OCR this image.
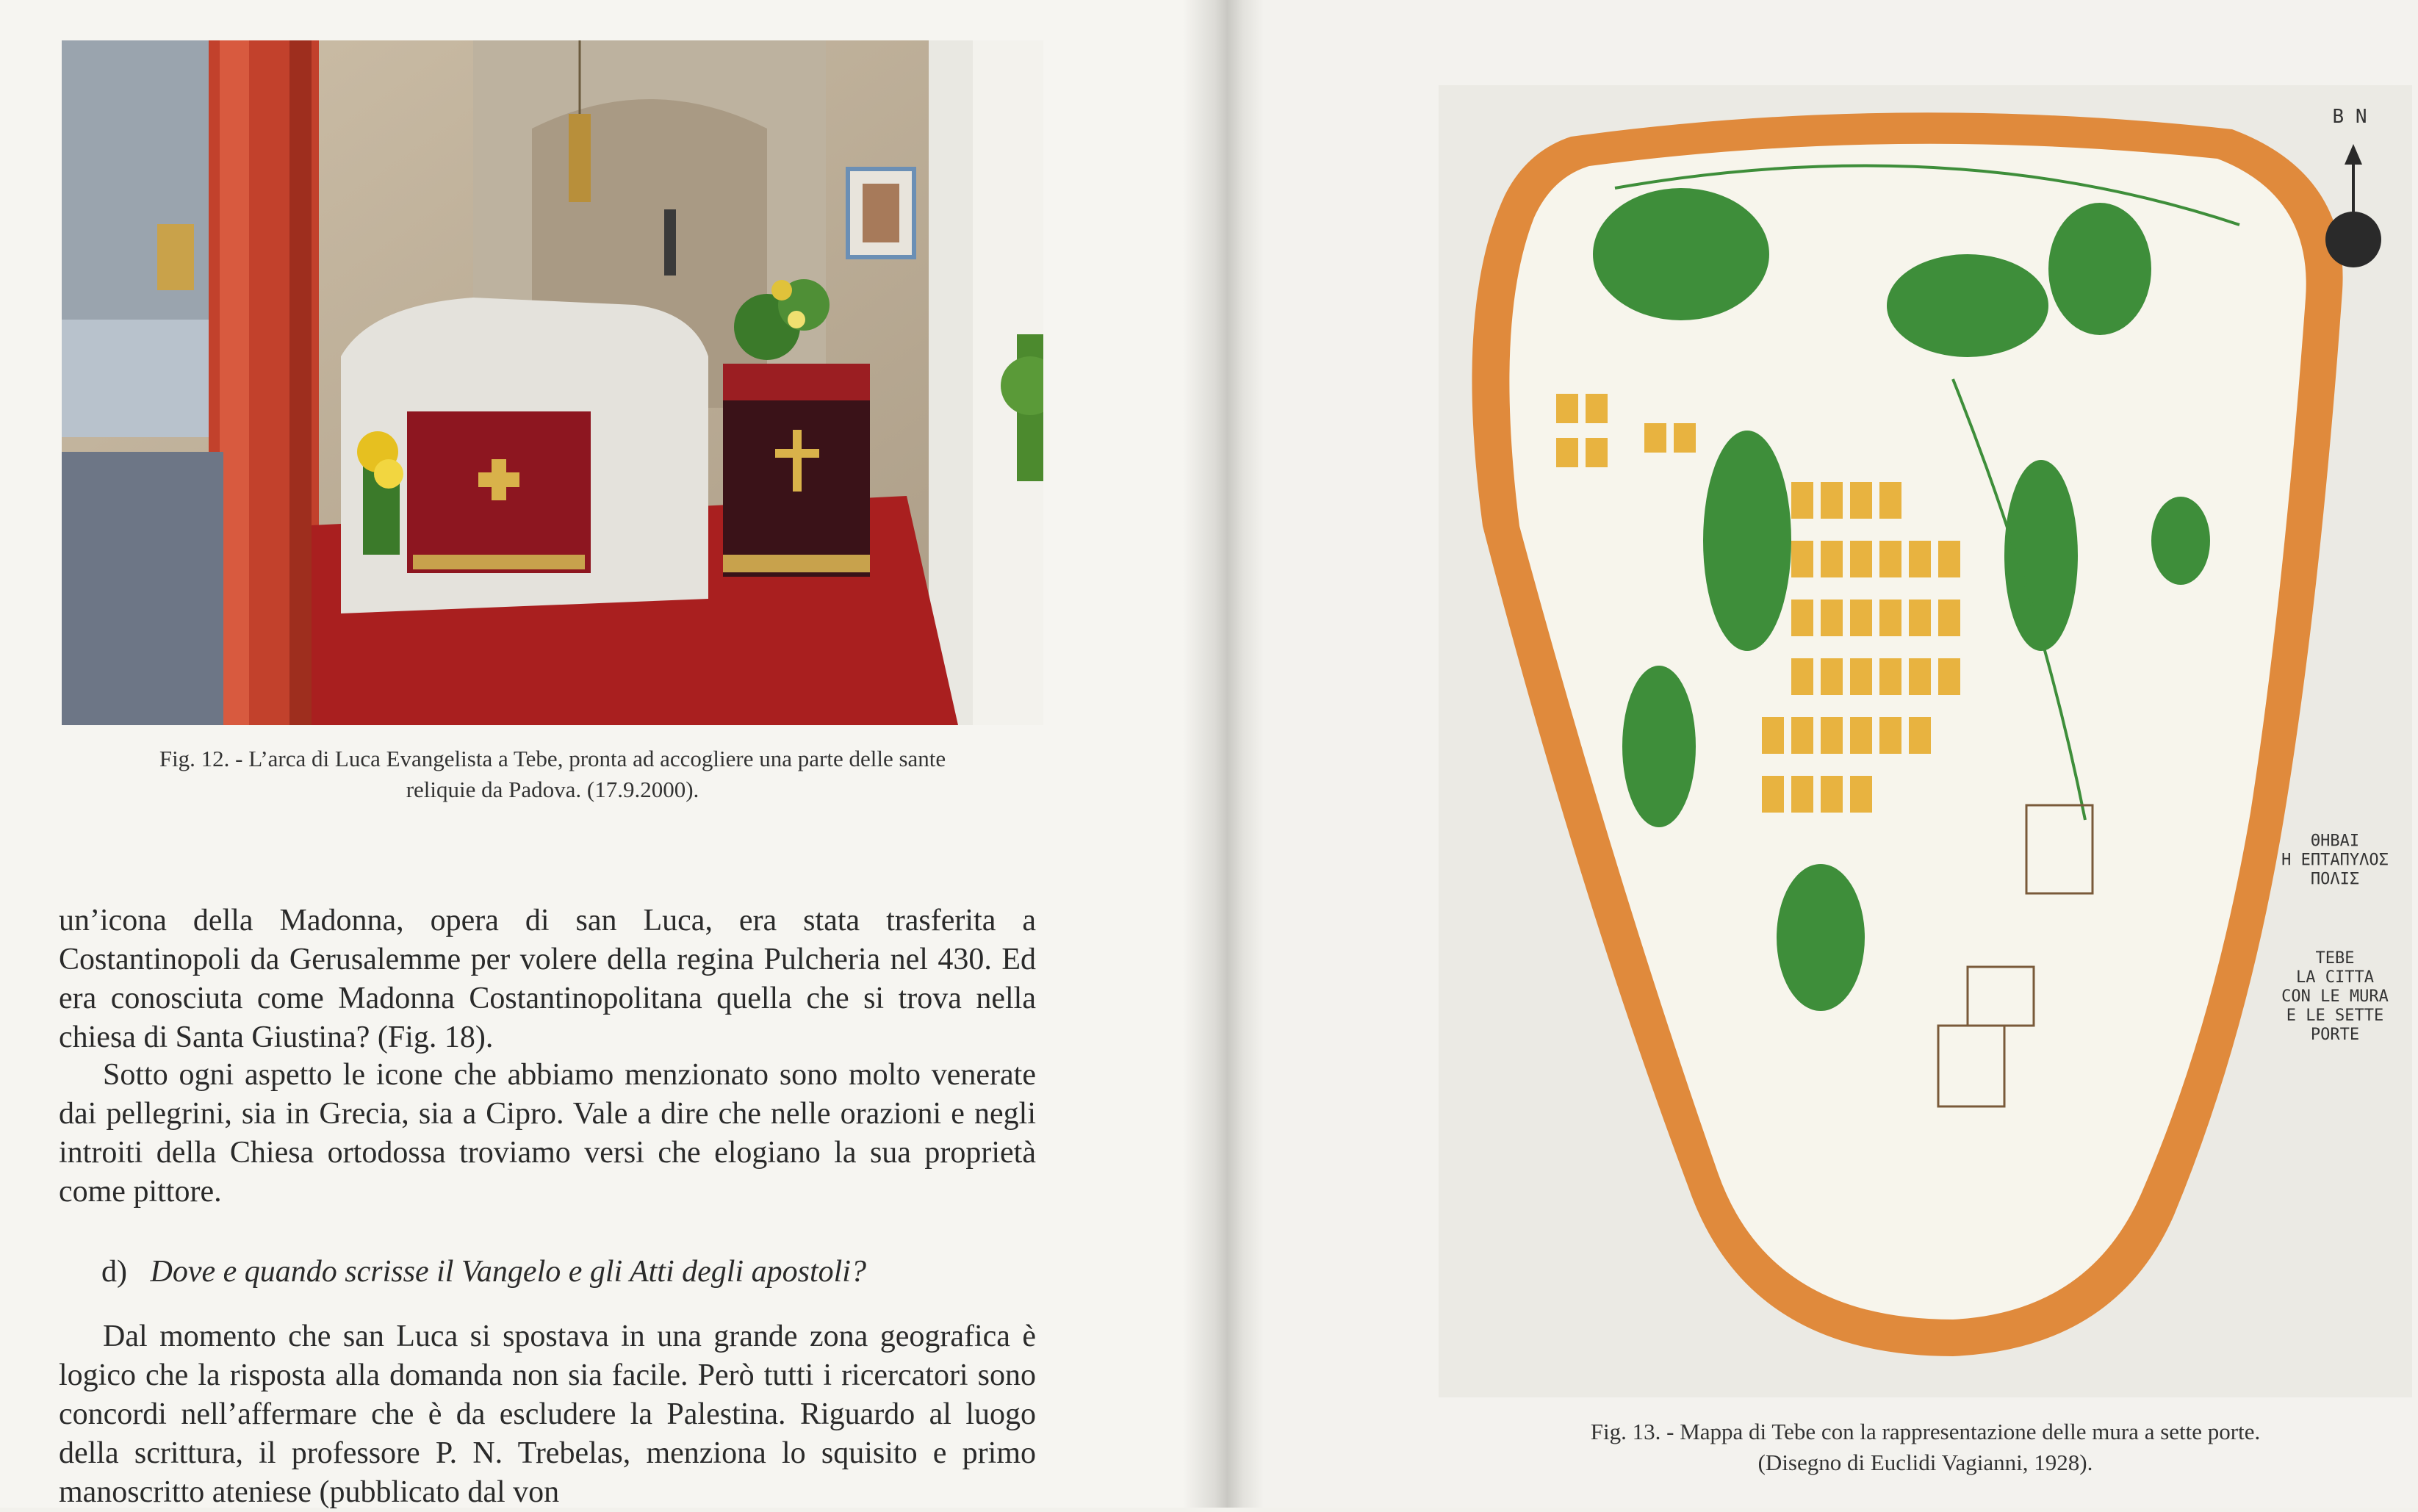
Fig. 12. - L’arca di Luca Evangelista a Tebe, pronta ad accogliere una parte delle sante
reliquie da Padova. (17.9.2000).
un’icona della Madonna, opera di san Luca, era stata trasferita a Costantinopoli da Gerusalemme per volere della regina Pulcheria nel 430. Ed era conosciuta come Madonna Costantinopolitana quella che si trova nella chiesa di Santa Giustina? (Fig. 18).
Sotto ogni aspetto le icone che abbiamo menzionato sono molto venerate dai pellegrini, sia in Grecia, sia a Cipro. Vale a dire che nelle orazioni e negli introiti della Chiesa ortodossa troviamo versi che elogiano la sua proprietà come pittore.
d) Dove e quando scrisse il Vangelo e gli Atti degli apostoli?
Dal momento che san Luca si spostava in una grande zona geografica è logico che la risposta alla domanda non sia facile. Però tutti i ricercatori sono concordi nell’affermare che è da escludere la Palestina. Riguardo al luogo della scrittura, il professore P. N. Trebelas, menziona lo squisito e primo manoscritto ateniese (pubblicato dal von
B N
ΘΗΒΑΙ
Η ΕΠΤΑΠΥΛΟΣ
ΠΟΛΙΣ
TEBE
LA CITTA
CON LE MURA
E LE SETTE
PORTE
Fig. 13. - Mappa di Tebe con la rappresentazione delle mura a sette porte.
(Disegno di Euclidi Vagianni, 1928).
